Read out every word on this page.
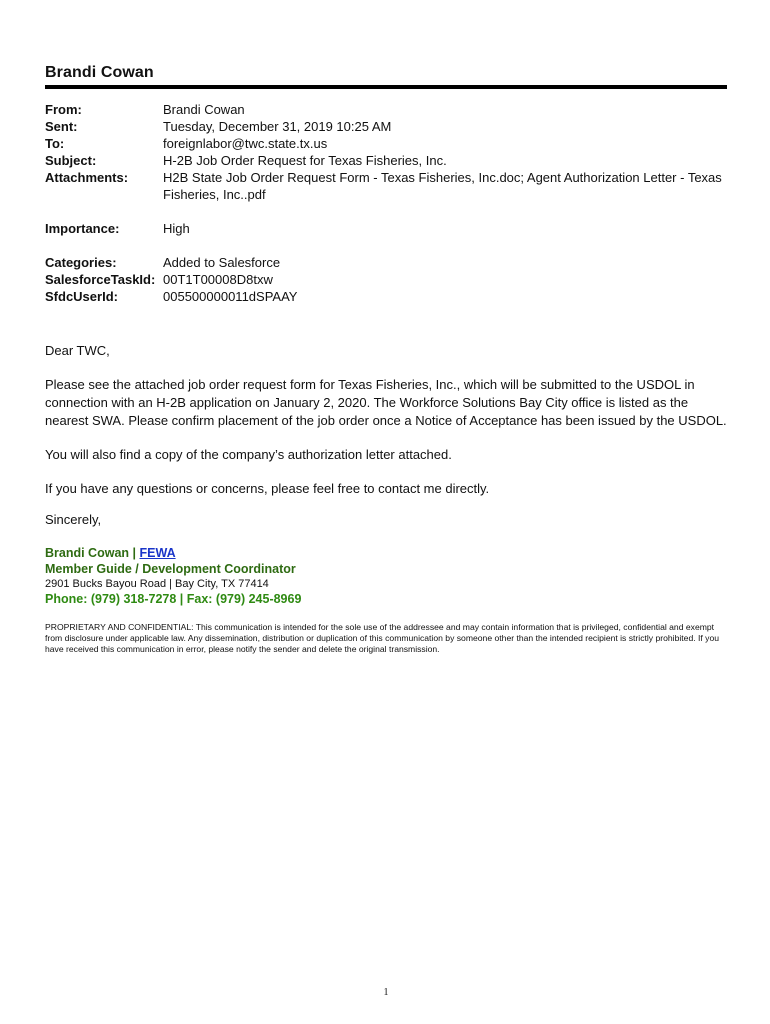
Brandi Cowan
From:	Brandi Cowan
Sent:	Tuesday, December 31, 2019 10:25 AM
To:	foreignlabor@twc.state.tx.us
Subject:	H-2B Job Order Request for Texas Fisheries, Inc.
Attachments:	H2B State Job Order Request Form - Texas Fisheries, Inc.doc; Agent Authorization Letter - Texas
Fisheries, Inc..pdf
Importance:	High
Categories:	Added to Salesforce
SalesforceTaskId: 00T1T00008D8txw
SfdcUserId:	005500000011dSPAAY

Dear TWC,

Please see the attached job order request form for Texas Fisheries, Inc., which will be submitted to the USDOL in connection with an H-2B application on January 2, 2020. The Workforce Solutions Bay City office is listed as the nearest SWA. Please confirm placement of the job order once a Notice of Acceptance has been issued by the USDOL.

You will also find a copy of the company’s authorization letter attached.

If you have any questions or concerns, please feel free to contact me directly.

Sincerely,
Brandi Cowan | FEWA
Member Guide / Development Coordinator
2901 Bucks Bayou Road | Bay City, TX 77414
Phone: (979) 318-7278 | Fax: (979) 245-8969
PROPRIETARY AND CONFIDENTIAL: This communication is intended for the sole use of the addressee and may contain information that is privileged, confidential and exempt from disclosure under applicable law. Any dissemination, distribution or duplication of this communication by someone other than the intended recipient is strictly prohibited. If you have received this communication in error, please notify the sender and delete the original transmission.
1
